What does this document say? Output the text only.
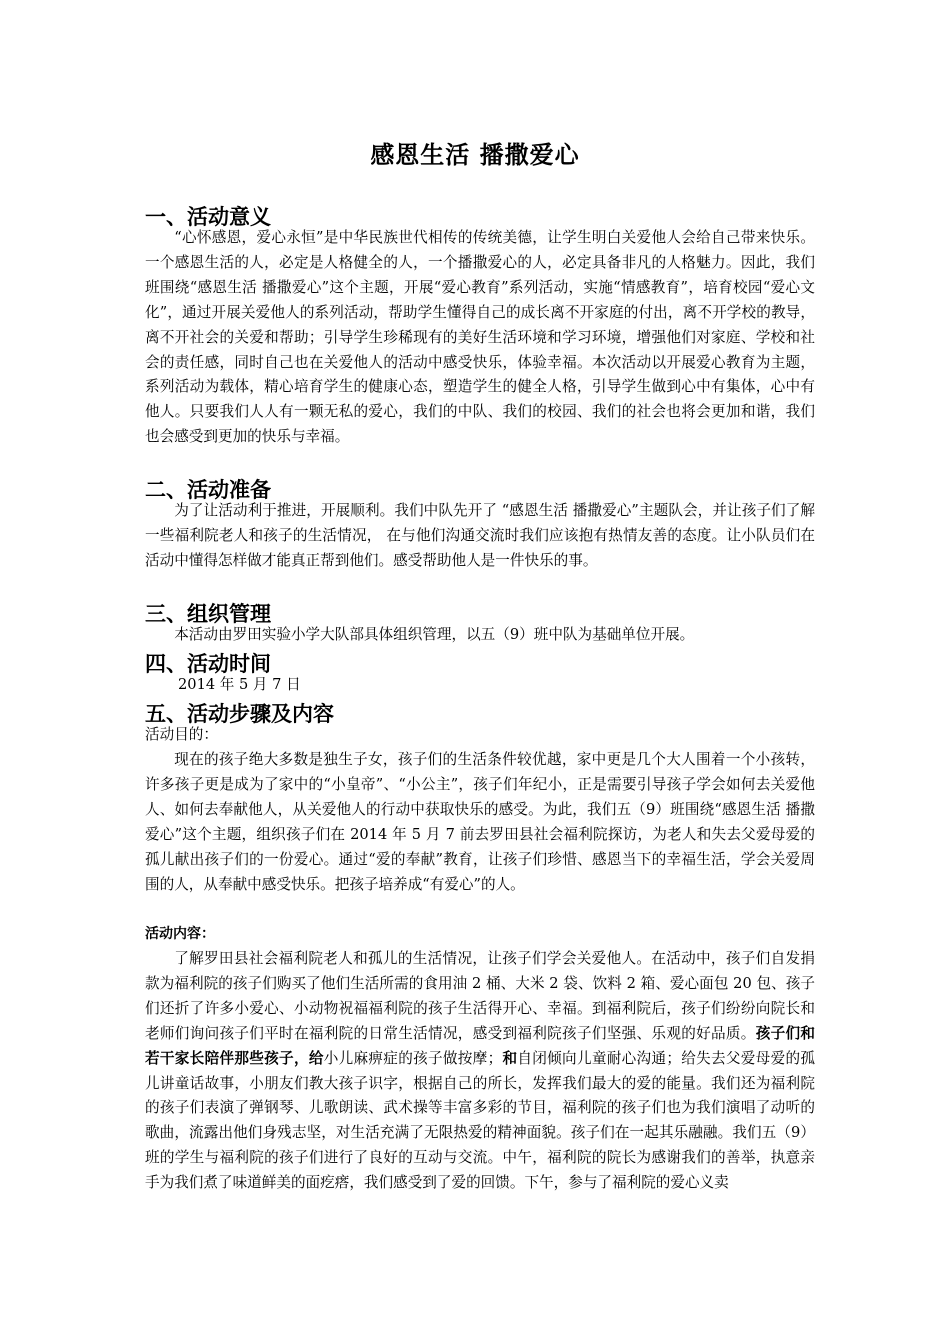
感恩生活 播撒爱心
一、活动意义

“心怀感恩，爱心永恒”是中华民族世代相传的传统美德，让学生明白关爱他人会给自己带来快乐。一个感恩生活的人，必定是人格健全的人，一个播撒爱心的人，必定具备非凡的人格魅力。因此，我们班围绕“感恩生活 播撒爱心”这个主题，开展“爱心教育”系列活动，实施“情感教育”，培育校园“爱心文化”，通过开展关爱他人的系列活动，帮助学生懂得自己的成长离不开家庭的付出，离不开学校的教导，离不开社会的关爱和帮助；引导学生珍稀现有的美好生活环境和学习环境，增强他们对家庭、学校和社会的责任感，同时自己也在关爱他人的活动中感受快乐，体验幸福。本次活动以开展爱心教育为主题，系列活动为载体，精心培育学生的健康心态，塑造学生的健全人格，引导学生做到心中有集体，心中有他人。只要我们人人有一颗无私的爱心，我们的中队、我们的校园、我们的社会也将会更加和谐，我们也会感受到更加的快乐与幸福。

二、活动准备

为了让活动利于推进，开展顺利。我们中队先开了 “感恩生活 播撒爱心”主题队会，并让孩子们了解一些福利院老人和孩子的生活情况， 在与他们沟通交流时我们应该抱有热情友善的态度。让小队员们在活动中懂得怎样做才能真正帮到他们。感受帮助他人是一件快乐的事。

三、组织管理

本活动由罗田实验小学大队部具体组织管理，以五（9）班中队为基础单位开展。

四、活动时间
2014 年 5 月 7 日
五、活动步骤及内容
活动目的：

现在的孩子绝大多数是独生子女，孩子们的生活条件较优越，家中更是几个大人围着一个小孩转，许多孩子更是成为了家中的“小皇帝”、“小公主”，孩子们年纪小，正是需要引导孩子学会如何去关爱他人、如何去奉献他人，从关爱他人的行动中获取快乐的感受。为此，我们五（9）班围绕“感恩生活 播撒爱心”这个主题，组织孩子们在 2014 年 5 月 7 前去罗田县社会福利院探访，为老人和失去父爱母爱的孤儿献出孩子们的一份爱心。通过“爱的奉献”教育，让孩子们珍惜、感恩当下的幸福生活，学会关爱周围的人，从奉献中感受快乐。把孩子培养成“有爱心”的人。

活动内容：

了解罗田县社会福利院老人和孤儿的生活情况，让孩子们学会关爱他人。在活动中，孩子们自发捐款为福利院的孩子们购买了他们生活所需的食用油 2 桶、大米 2 袋、饮料 2 箱、爱心面包 20 包、孩子们还折了许多小爱心、小动物祝福福利院的孩子生活得开心、幸福。到福利院后，孩子们纷纷向院长和老师们询问孩子们平时在福利院的日常生活情况，感受到福利院孩子们坚强、乐观的好品质。孩子们和若干家长陪伴那些孩子，给小儿麻痹症的孩子做按摩；和自闭倾向儿童耐心沟通；给失去父爱母爱的孤儿讲童话故事，小朋友们教大孩子识字，根据自己的所长，发挥我们最大的爱的能量。我们还为福利院的孩子们表演了弹钢琴、儿歌朗读、武术操等丰富多彩的节目，福利院的孩子们也为我们演唱了动听的歌曲，流露出他们身残志坚，对生活充满了无限热爱的精神面貌。孩子们在一起其乐融融。我们五（9）班的学生与福利院的孩子们进行了良好的互动与交流。中午，福利院的院长为感谢我们的善举，执意亲手为我们煮了味道鲜美的面疙瘩，我们感受到了爱的回馈。下午，参与了福利院的爱心义卖
